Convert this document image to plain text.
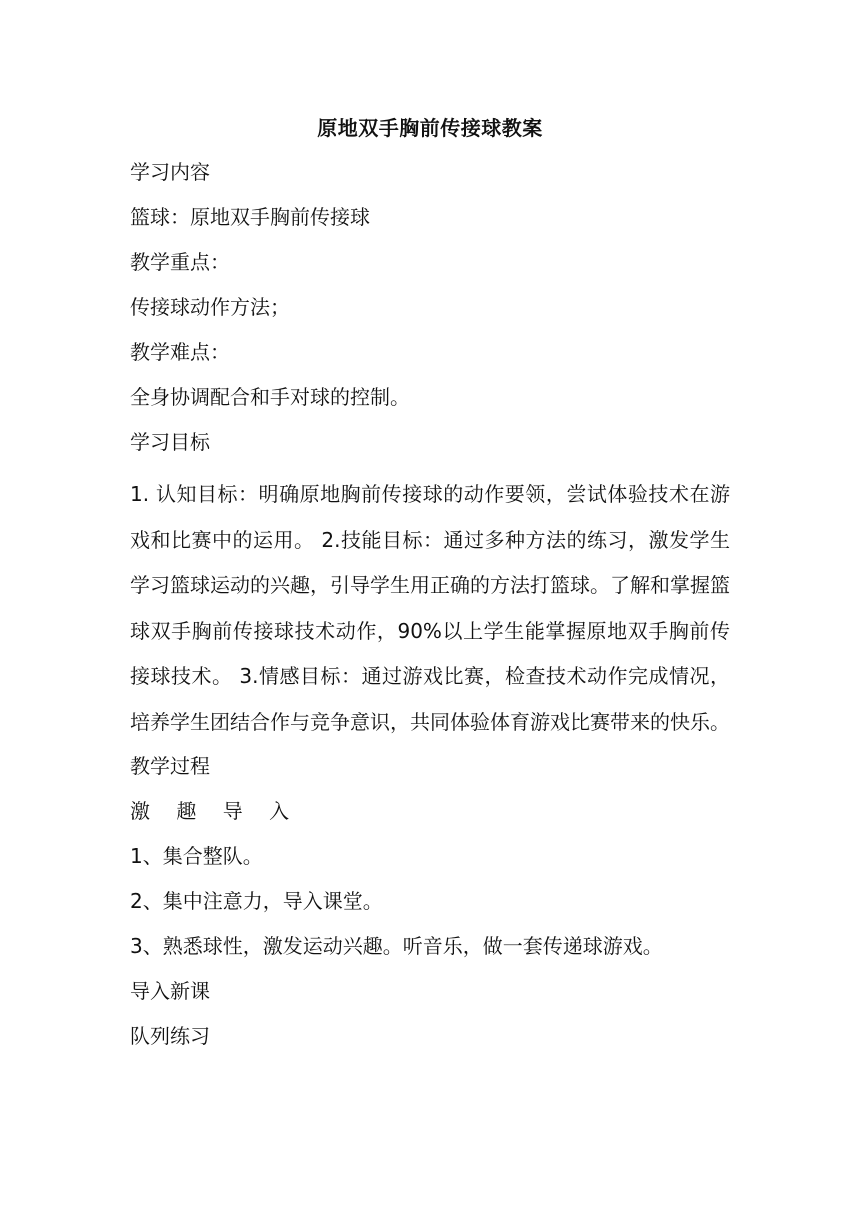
原地双手胸前传接球教案
学习内容
篮球：原地双手胸前传接球
教学重点：
传接球动作方法；
教学难点：
全身协调配合和手对球的控制。
学习目标
1. 认知目标：明确原地胸前传接球的动作要领，尝试体验技术在游戏和比赛中的运用。 2.技能目标：通过多种方法的练习，激发学生学习篮球运动的兴趣，引导学生用正确的方法打篮球。了解和掌握篮球双手胸前传接球技术动作，90%以上学生能掌握原地双手胸前传接球技术。 3.情感目标：通过游戏比赛，检查技术动作完成情况，培养学生团结合作与竞争意识，共同体验体育游戏比赛带来的快乐。
教学过程
激 趣 导 入
1、集合整队。
2、集中注意力，导入课堂。
3、熟悉球性，激发运动兴趣。听音乐，做一套传递球游戏。
导入新课
队列练习
